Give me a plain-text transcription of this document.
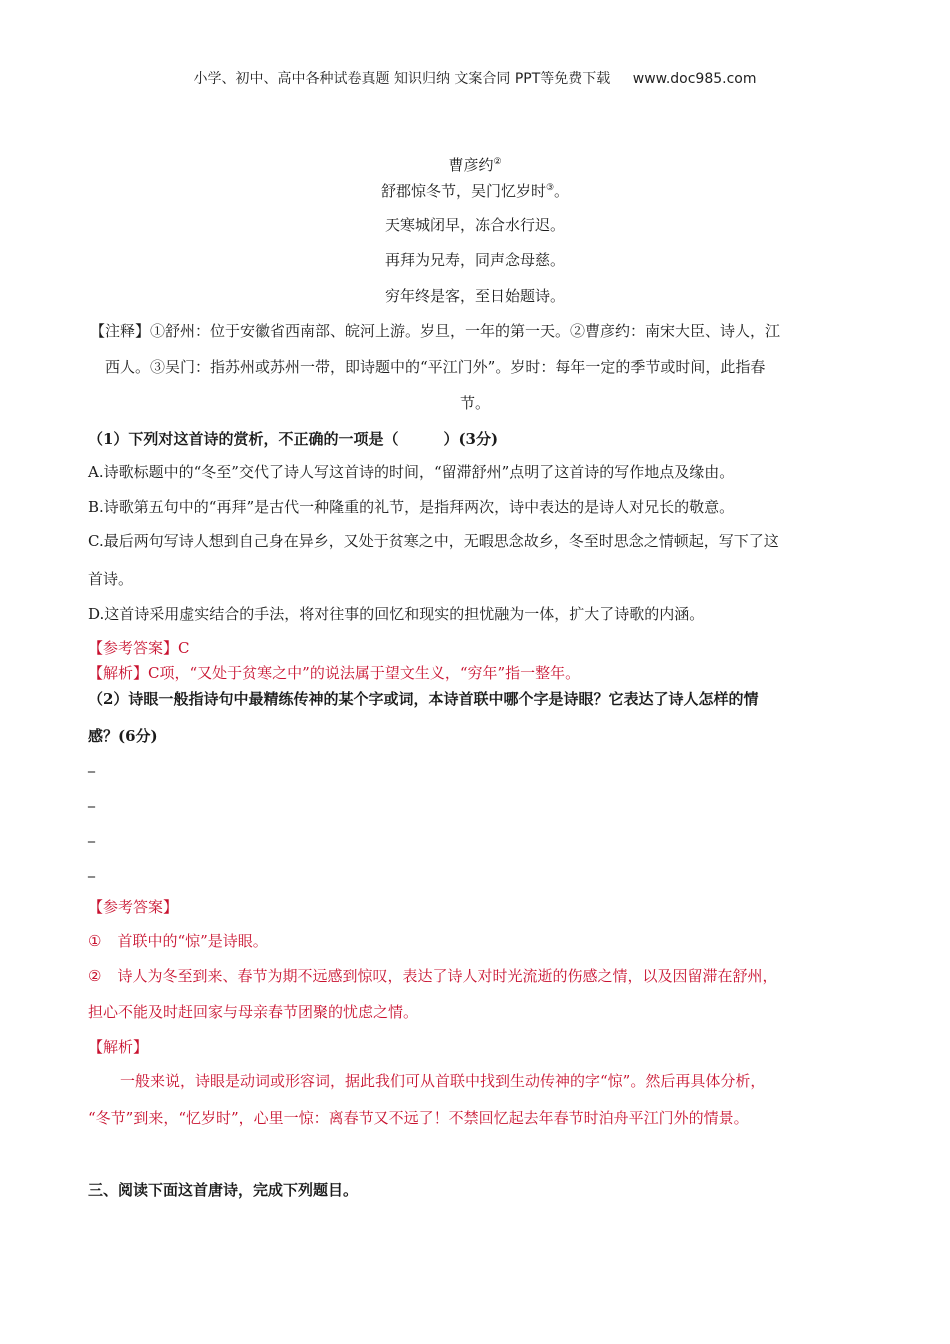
小学、初中、高中各种试卷真题 知识归纳 文案合同 PPT等免费下载 www.doc985.com
曹彦约②
舒郡惊冬节，吴门忆岁时③。
天寒城闭早，冻合水行迟。
再拜为兄寿，同声念母慈。
穷年终是客，至日始题诗。
【注释】①舒州：位于安徽省西南部、皖河上游。岁旦，一年的第一天。②曹彦约：南宋大臣、诗人，江
西人。③吴门：指苏州或苏州一带，即诗题中的“平江门外”。岁时：每年一定的季节或时间，此指春
节。
（1）下列对这首诗的赏析，不正确的一项是（　　　）(3分)
A.诗歌标题中的“冬至”交代了诗人写这首诗的时间，“留滞舒州”点明了这首诗的写作地点及缘由。
B.诗歌第五句中的“再拜”是古代一种隆重的礼节，是指拜两次，诗中表达的是诗人对兄长的敬意。
C.最后两句写诗人想到自己身在异乡，又处于贫寒之中，无暇思念故乡，冬至时思念之情顿起，写下了这
首诗。
D.这首诗采用虚实结合的手法，将对往事的回忆和现实的担忧融为一体，扩大了诗歌的内涵。
【参考答案】C
【解析】C项，“又处于贫寒之中”的说法属于望文生义，“穷年”指一整年。
（2）诗眼一般指诗句中最精练传神的某个字或词，本诗首联中哪个字是诗眼？它表达了诗人怎样的情
感？(6分)
_
_
_
_
【参考答案】
① 首联中的“惊”是诗眼。
② 诗人为冬至到来、春节为期不远感到惊叹，表达了诗人对时光流逝的伤感之情，以及因留滞在舒州，
担心不能及时赶回家与母亲春节团聚的忧虑之情。
【解析】
一般来说，诗眼是动词或形容词，据此我们可从首联中找到生动传神的字“惊”。然后再具体分析，
“冬节”到来，“忆岁时”，心里一惊：离春节又不远了！不禁回忆起去年春节时泊舟平江门外的情景。
三、阅读下面这首唐诗，完成下列题目。
